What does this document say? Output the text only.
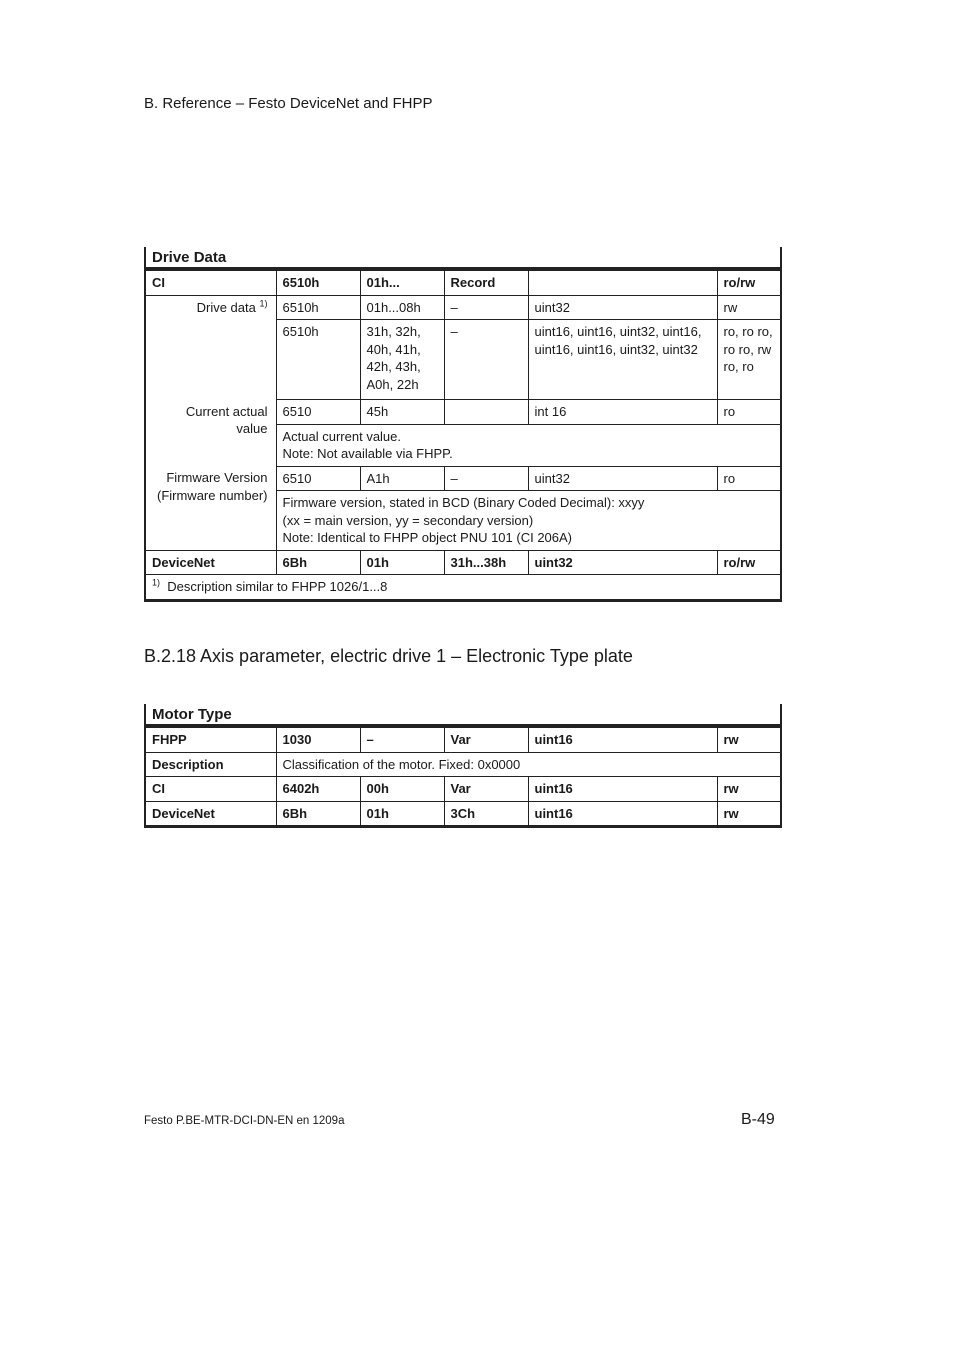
B. Reference – Festo DeviceNet and FHPP
Drive Data					
CI	6510h	01h...	Record		ro/rw
Drive data $^{1)}$	6510h	01h...08h	–	uint32	rw
	6510h	31h, 32h, 40h, 41h, 42h, 43h, A0h, 22h	–	uint16, uint16, uint32, uint16, uint16, uint16, uint32, uint32	ro, ro ro, ro ro, rw ro, ro
Current actual value	6510	45h		int 16	ro

	Actual current value.
Note: Not available via FHPP.				

Firmware Version (Firmware number)	6510	A1h	–	uint32	ro

	Firmware version, stated in BCD (Binary Coded Decimal): xxyy
(xx = main version, yy = secondary version)
Note: Identical to FHPP object PNU 101 (CI 206A)				

DeviceNet	6Bh	01h	31h...38h	uint32	ro/rw
$^{1)}$ Description similar to FHPP 1026/1...8					
B.2.18 Axis parameter, electric drive 1 – Electronic Type plate
Motor Type					
FHPP	1030	–	Var	uint16	rw
Description	Classification of the motor. Fixed: 0x0000				
CI	6402h	00h	Var	uint16	rw
DeviceNet	6Bh	01h	3Ch	uint16	rw
Festo P.BE-MTR-DCI-DN-EN en 1209a	B-49
